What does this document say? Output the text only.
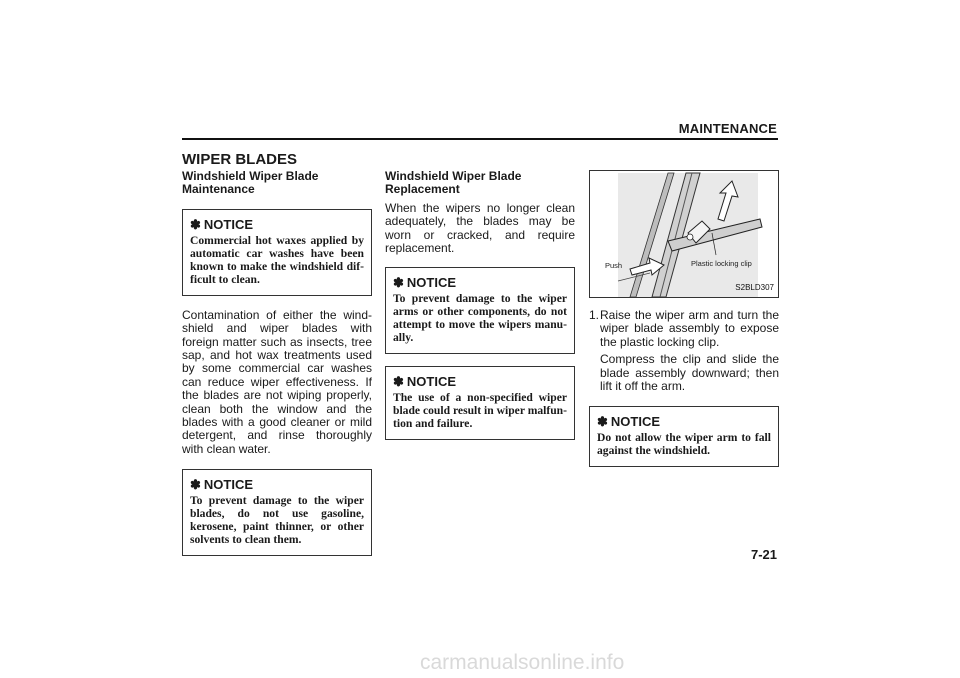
MAINTENANCE
WIPER BLADES
Windshield Wiper Blade Maintenance
✽ NOTICE
Commercial hot waxes applied by automatic car washes have been known to make the windshield dif- ficult to clean.
Contamination of either the wind- shield and wiper blades with foreign matter such as insects, tree sap, and hot wax treatments used by some commercial car washes can reduce wiper effectiveness. If the blades are not wiping properly, clean both the window and the blades with a good cleaner or mild detergent, and rinse thoroughly with clean water.
✽ NOTICE
To prevent damage to the wiper blades, do not use gasoline, kerosene, paint thinner, or other solvents to clean them.
Windshield Wiper Blade Replacement
When the wipers no longer clean adequately, the blades may be worn or cracked, and require replacement.
✽ NOTICE
To prevent damage to the wiper arms or other components, do not attempt to move the wipers manu- ally.
✽ NOTICE
The use of a non-specified wiper blade could result in wiper malfun- tion and failure.
Push	Plastic locking clip
S2BLD307
1. Raise the wiper arm and turn the wiper blade assembly to expose the plastic locking clip.
Compress the clip and slide the blade assembly downward; then lift it off the arm.
✽ NOTICE
Do not allow the wiper arm to fall against the windshield.
7-21
carmanualsonline.info
